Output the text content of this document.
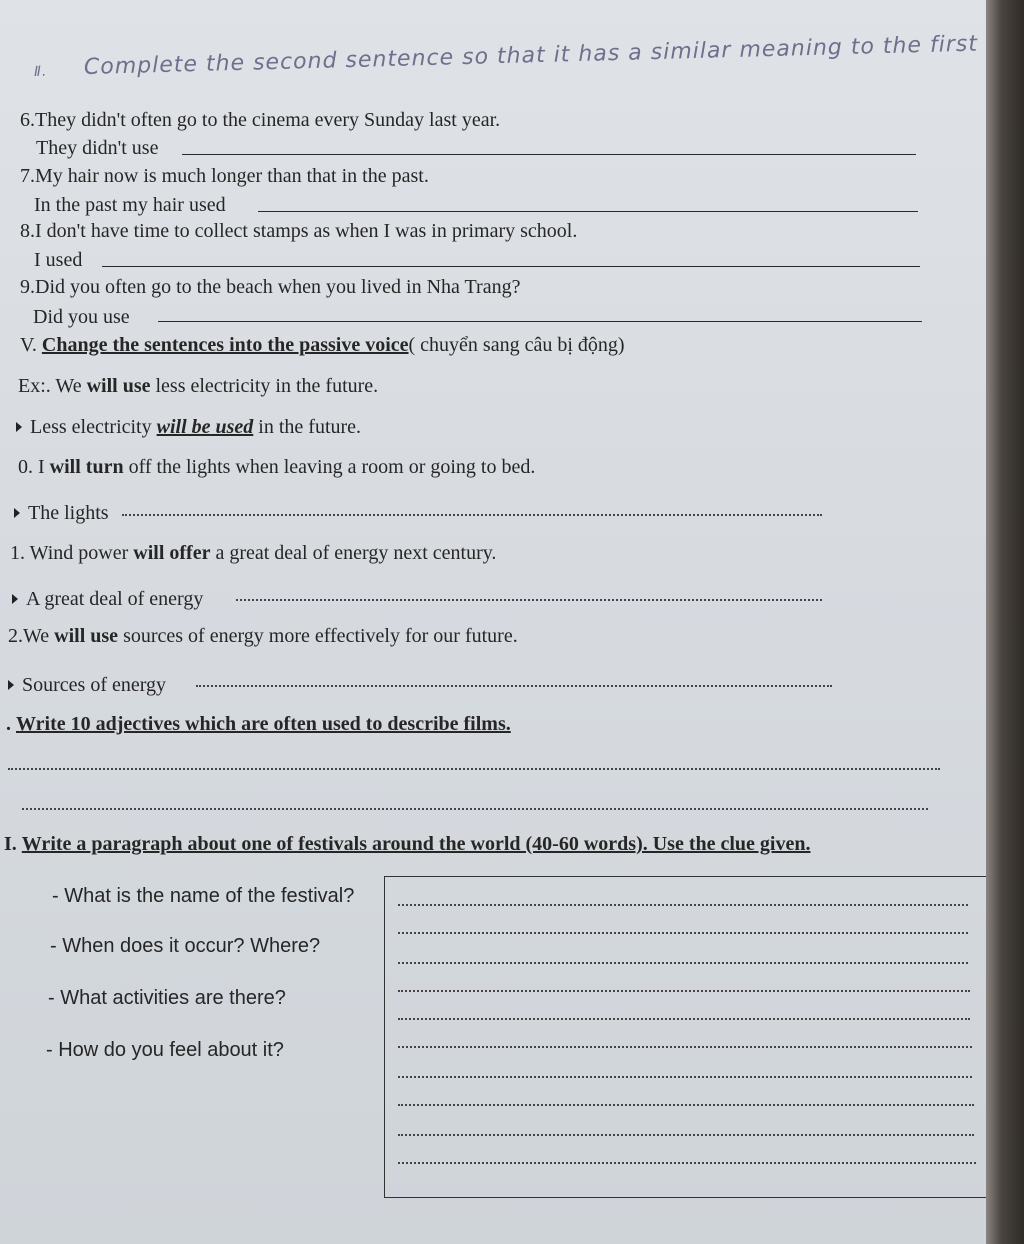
Ⅱ. Complete the second sentence so that it has a similar meaning to the first
6.They didn't often go to the cinema every Sunday last year.
They didn't use
7.My hair now is much longer than that in the past.
In the past my hair used
8.I don't have time to collect stamps as when I was in primary school.
I used
9.Did you often go to the beach when you lived in Nha Trang?
Did you use
V. Change the sentences into the passive voice( chuyển sang câu bị động)
Ex:. We will use less electricity in the future.
Less electricity will be used in the future.
0. I will turn off the lights when leaving a room or going to bed.
The lights
1. Wind power will offer a great deal of energy next century.
A great deal of energy
2.We will use sources of energy more effectively for our future.
Sources of energy
. Write 10 adjectives which are often used to describe films.
I. Write a paragraph about one of festivals around the world (40-60 words). Use the clue given.
- What is the name of the festival?
- When does it occur? Where?
- What activities are there?
- How do you feel about it?
